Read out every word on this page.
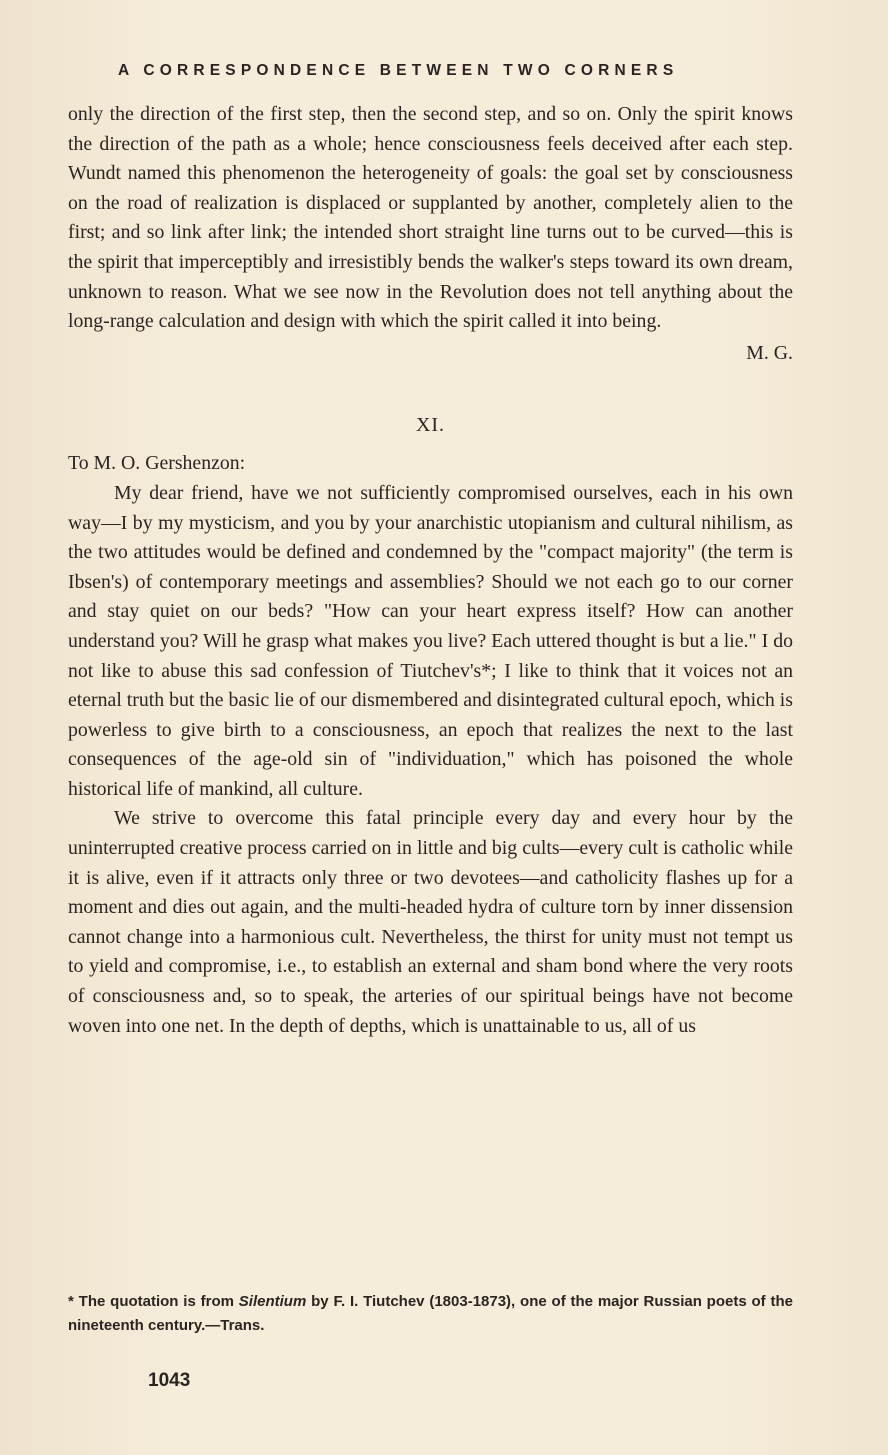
A CORRESPONDENCE BETWEEN TWO CORNERS

only the direction of the first step, then the second step, and so on. Only the spirit knows the direction of the path as a whole; hence consciousness feels deceived after each step. Wundt named this phenomenon the heterogeneity of goals: the goal set by consciousness on the road of realization is displaced or supplanted by another, completely alien to the first; and so link after link; the intended short straight line turns out to be curved—this is the spirit that imperceptibly and irresistibly bends the walker's steps toward its own dream, unknown to reason. What we see now in the Revolution does not tell anything about the long-range calculation and design with which the spirit called it into being.

M. G.
XI.
To M. O. Gershenzon:

My dear friend, have we not sufficiently compromised ourselves, each in his own way—I by my mysticism, and you by your anarchistic utopianism and cultural nihilism, as the two attitudes would be defined and condemned by the "compact majority" (the term is Ibsen's) of contemporary meetings and assemblies? Should we not each go to our corner and stay quiet on our beds? "How can your heart express itself? How can another understand you? Will he grasp what makes you live? Each uttered thought is but a lie." I do not like to abuse this sad confession of Tiutchev's*; I like to think that it voices not an eternal truth but the basic lie of our dismembered and disintegrated cultural epoch, which is powerless to give birth to a consciousness, an epoch that realizes the next to the last consequences of the age-old sin of "individuation," which has poisoned the whole historical life of mankind, all culture.

We strive to overcome this fatal principle every day and every hour by the uninterrupted creative process carried on in little and big cults—every cult is catholic while it is alive, even if it attracts only three or two devotees—and catholicity flashes up for a moment and dies out again, and the multi-headed hydra of culture torn by inner dissension cannot change into a harmonious cult. Nevertheless, the thirst for unity must not tempt us to yield and compromise, i.e., to establish an external and sham bond where the very roots of consciousness and, so to speak, the arteries of our spiritual beings have not become woven into one net. In the depth of depths, which is unattainable to us, all of us

* The quotation is from Silentium by F. I. Tiutchev (1803-1873), one of the major Russian poets of the nineteenth century.—Trans.
1043
